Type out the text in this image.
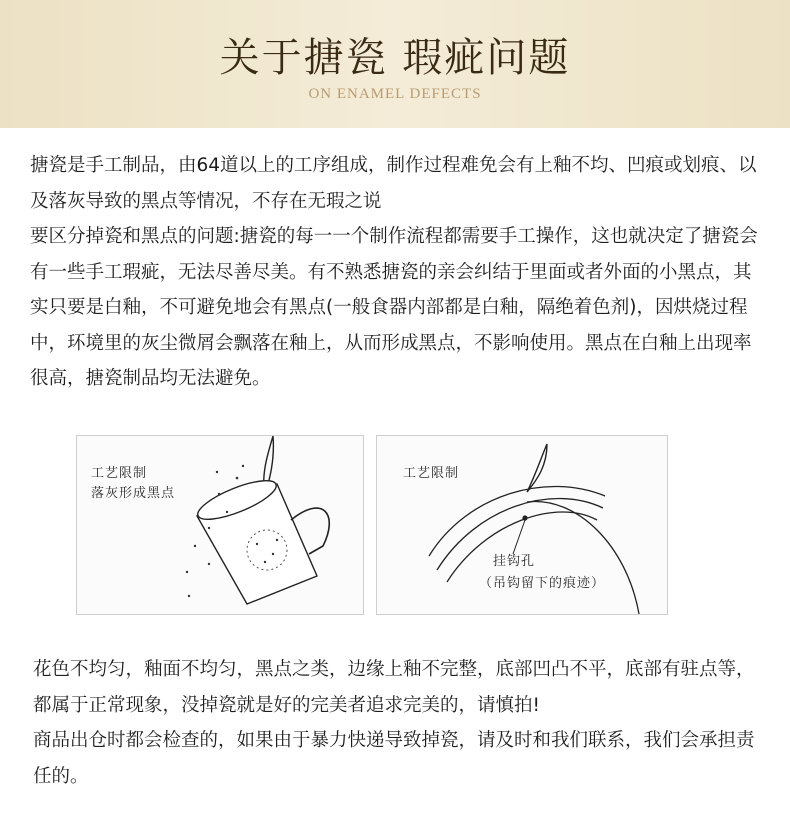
关于搪瓷 瑕疵问题
ON ENAMEL DEFECTS

搪瓷是手工制品，由64道以上的工序组成，制作过程难免会有上釉不均、凹痕或划痕、以及落灰导致的黑点等情况，不存在无瑕之说
要区分掉瓷和黑点的问题:搪瓷的每一一个制作流程都需要手工操作，这也就决定了搪瓷会有一些手工瑕疵，无法尽善尽美。有不熟悉搪瓷的亲会纠结于里面或者外面的小黑点，其实只要是白釉，不可避免地会有黑点(一般食器内部都是白釉，隔绝着色剂)，因烘烧过程中，环境里的灰尘微屑会飘落在釉上，从而形成黑点，不影响使用。黑点在白釉上出现率很高，搪瓷制品均无法避免。

工艺限制
落灰形成黑点
工艺限制
挂钩孔
（吊钩留下的痕迹）

花色不均匀，釉面不均匀，黑点之类，边缘上釉不完整，底部凹凸不平，底部有驻点等，都属于正常现象，没掉瓷就是好的完美者追求完美的，请慎拍!
商品出仓时都会检查的，如果由于暴力快递导致掉瓷，请及时和我们联系，我们会承担责任的。
